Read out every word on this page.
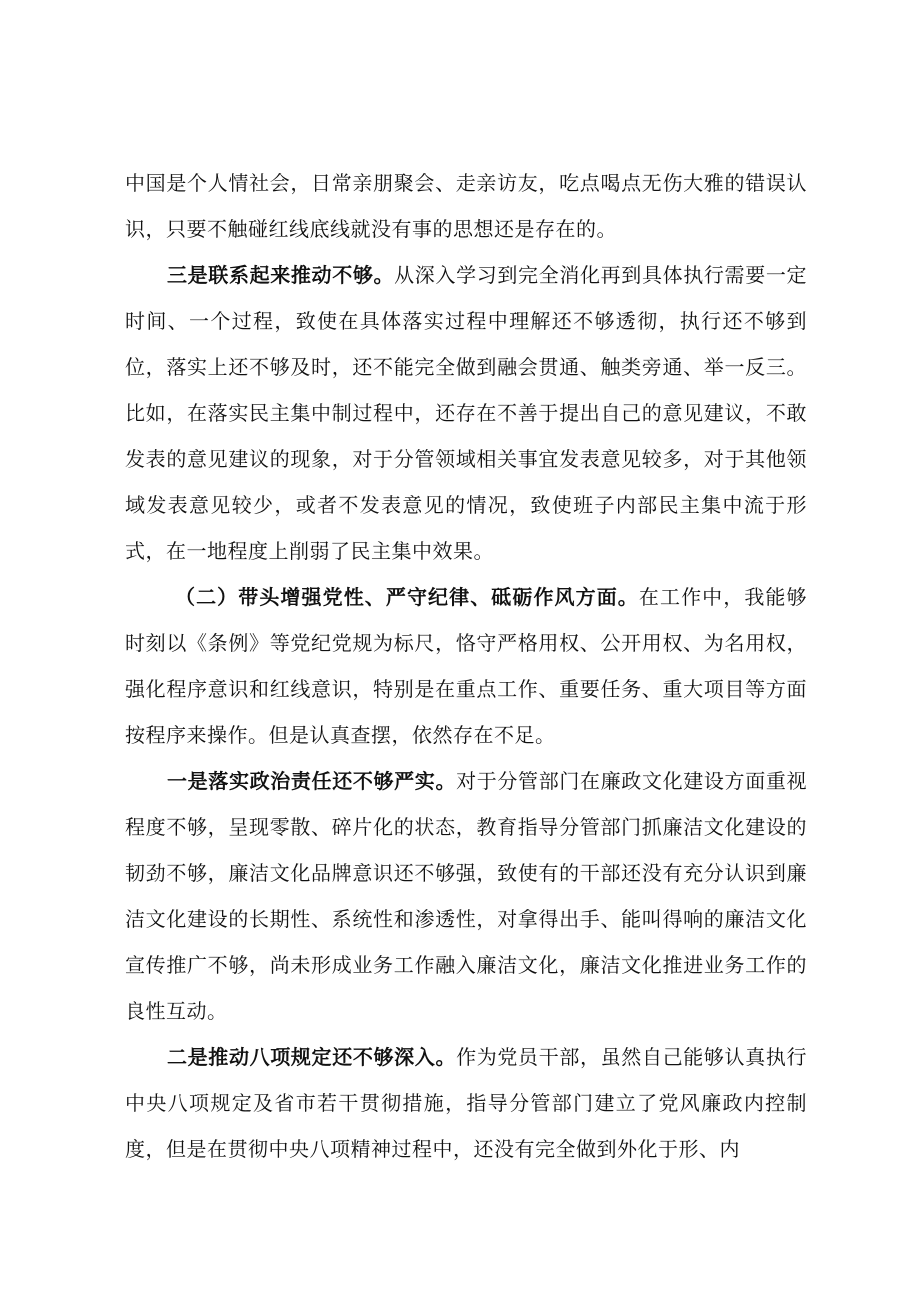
中国是个人情社会，日常亲朋聚会、走亲访友，吃点喝点无伤大雅的错误认识，只要不触碰红线底线就没有事的思想还是存在的。

三是联系起来推动不够。从深入学习到完全消化再到具体执行需要一定时间、一个过程，致使在具体落实过程中理解还不够透彻，执行还不够到位，落实上还不够及时，还不能完全做到融会贯通、触类旁通、举一反三。比如，在落实民主集中制过程中，还存在不善于提出自己的意见建议，不敢发表的意见建议的现象，对于分管领域相关事宜发表意见较多，对于其他领域发表意见较少，或者不发表意见的情况，致使班子内部民主集中流于形式，在一地程度上削弱了民主集中效果。

（二）带头增强党性、严守纪律、砥砺作风方面。在工作中，我能够时刻以《条例》等党纪党规为标尺，恪守严格用权、公开用权、为名用权，强化程序意识和红线意识，特别是在重点工作、重要任务、重大项目等方面按程序来操作。但是认真查摆，依然存在不足。

一是落实政治责任还不够严实。对于分管部门在廉政文化建设方面重视程度不够，呈现零散、碎片化的状态，教育指导分管部门抓廉洁文化建设的韧劲不够，廉洁文化品牌意识还不够强，致使有的干部还没有充分认识到廉洁文化建设的长期性、系统性和渗透性，对拿得出手、能叫得响的廉洁文化宣传推广不够，尚未形成业务工作融入廉洁文化，廉洁文化推进业务工作的良性互动。

二是推动八项规定还不够深入。作为党员干部，虽然自己能够认真执行中央八项规定及省市若干贯彻措施，指导分管部门建立了党风廉政内控制度，但是在贯彻中央八项精神过程中，还没有完全做到外化于形、内
